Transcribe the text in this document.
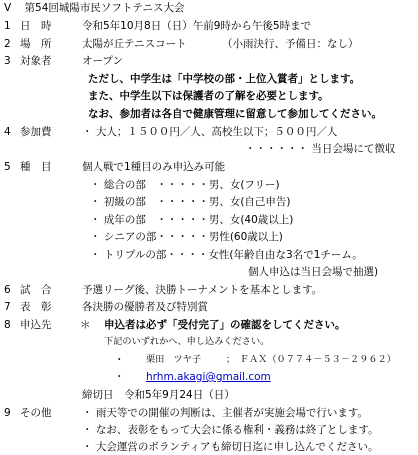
V 第54回城陽市民ソフトテニス大会
1 日　時	令和5年10月8日（日）午前9時から午後5時まで
2 場　所	太陽が丘テニスコート	（小雨決行、予備日：なし）
3 対象者	オープン
ただし、中学生は「中学校の部・上位入賞者」とします。
また、中学生以下は保護者の了解を必要とします。
なお、参加者は各自で健康管理に留意して参加してください。
4 参加費	・ 大人；１５００円／人、高校生以下；５００円／人
・・・・・・ 当日会場にて徴収
5 種　目	個人戦で1種目のみ申込み可能
・ 総合の部　・・・・・男、女(フリー)
・ 初級の部　・・・・・男、女(自己申告)
・ 成年の部　・・・・・男、女(40歳以上)
・ シニアの部・・・・・男性(60歳以上)
・ トリプルの部・・・・女性(年齢自由な3名で1チーム。
個人申込は当日会場で抽選)
6 試　合	予選リーグ後、決勝トーナメントを基本とします。
7 表　彰	各決勝の優勝者及び特別賞
8 申込先	＊ 申込者は必ず「受付完了」の確認をしてください。
下記のいずれかへ、申し込みください。
・ 栗田　ツヤ子	；　ＦＡＸ（０７７４－５３－２９６２）
・ hrhm.akagi@gmail.com
締切日　令和5年9月24日（日）
9 その他	・ 雨天等での開催の判断は、主催者が実施会場で行います。
・ なお、表彰をもって大会に係る権利・義務は終了とします。
・ 大会運営のボランティアも締切日迄に申し込んでください。
